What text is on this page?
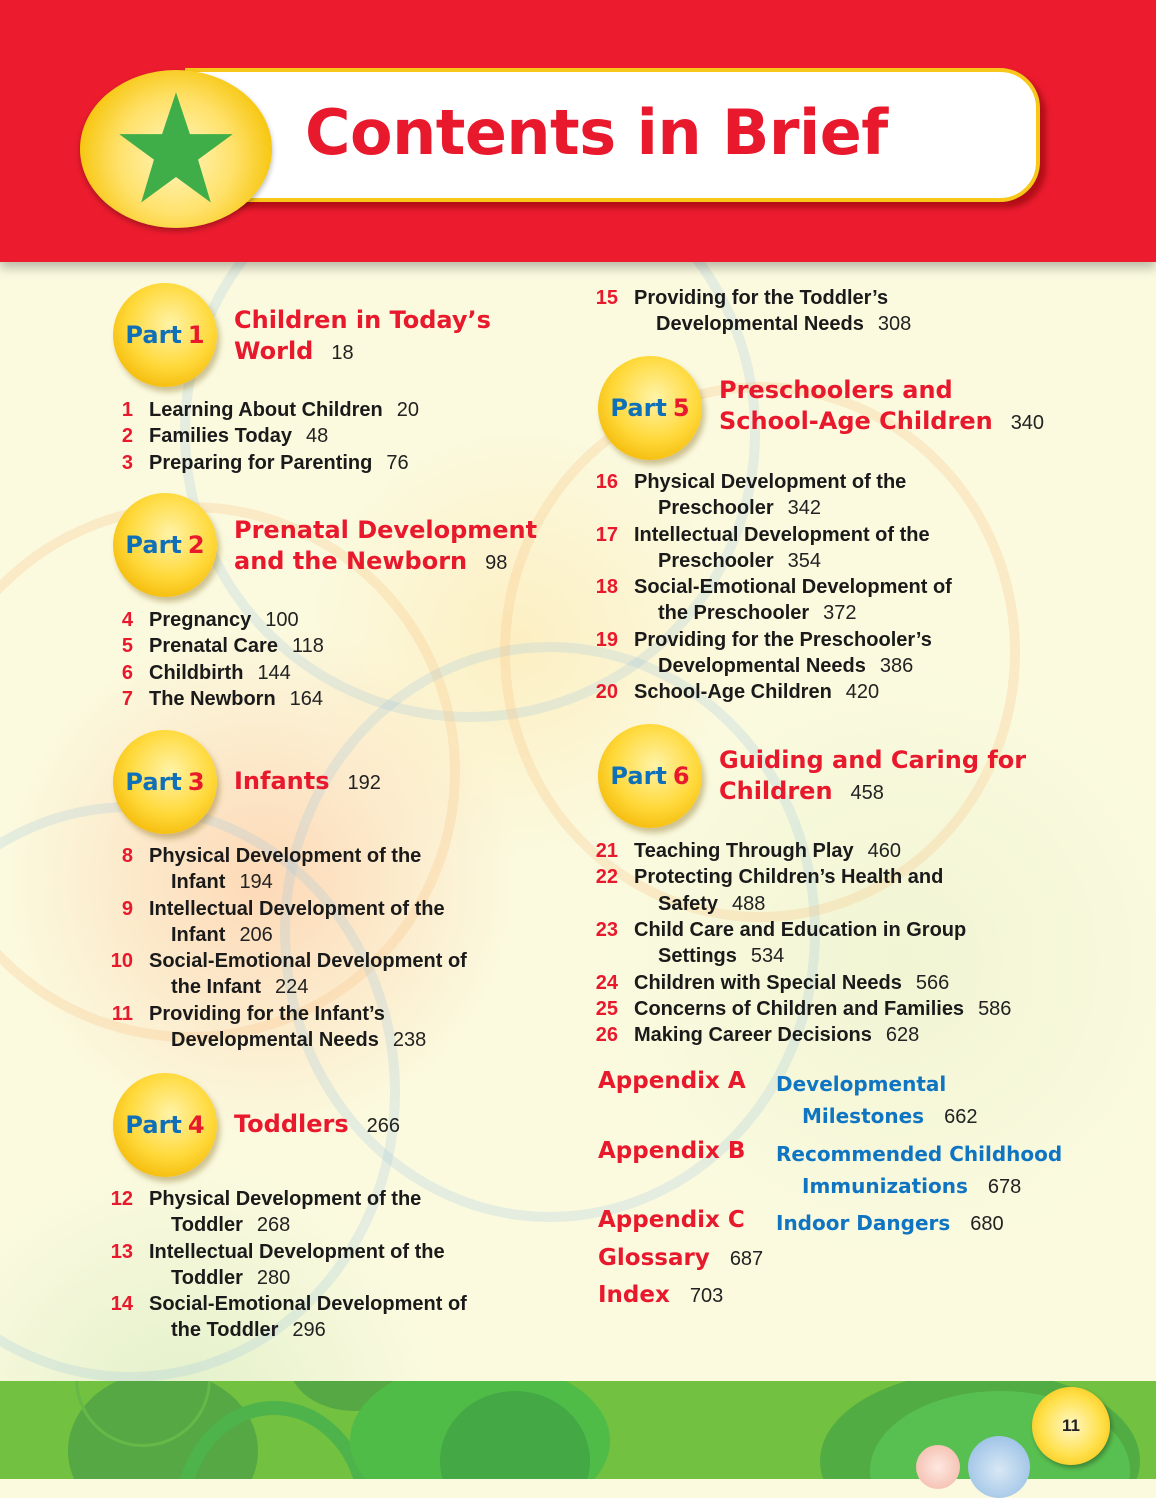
Contents in Brief
Part 1
Children in Today’s
World 18
1 Learning About Children 20
2 Families Today 48
3 Preparing for Parenting 76
Part 2
Prenatal Development
and the Newborn 98
4 Pregnancy 100
5 Prenatal Care 118
6 Childbirth 144
7 The Newborn 164
Part 3 Infants 192
8 Physical Development of the
Infant 194
9 Intellectual Development of the
Infant 206
10 Social-Emotional Development of
the Infant 224
11 Providing for the Infant’s
Developmental Needs 238
Part 4 Toddlers 266
12 Physical Development of the
Toddler 268
13 Intellectual Development of the
Toddler 280
14 Social-Emotional Development of
the Toddler 296
15 Providing for the Toddler’s
Developmental Needs 308
Part 5
Preschoolers and
School-Age Children 340
16 Physical Development of the
Preschooler 342
17 Intellectual Development of the
Preschooler 354
18 Social-Emotional Development of
the Preschooler 372
19 Providing for the Preschooler’s
Developmental Needs 386
20 School-Age Children 420
Part 6
Guiding and Caring for
Children 458
21 Teaching Through Play 460
22 Protecting Children’s Health and
Safety 488
23 Child Care and Education in Group
Settings 534
24 Children with Special Needs 566
25 Concerns of Children and Families 586
26 Making Career Decisions 628
Appendix A Developmental
Milestones 662
Appendix B Recommended Childhood
Immunizations 678
Appendix C Indoor Dangers 680
Glossary 687
Index 703
11
